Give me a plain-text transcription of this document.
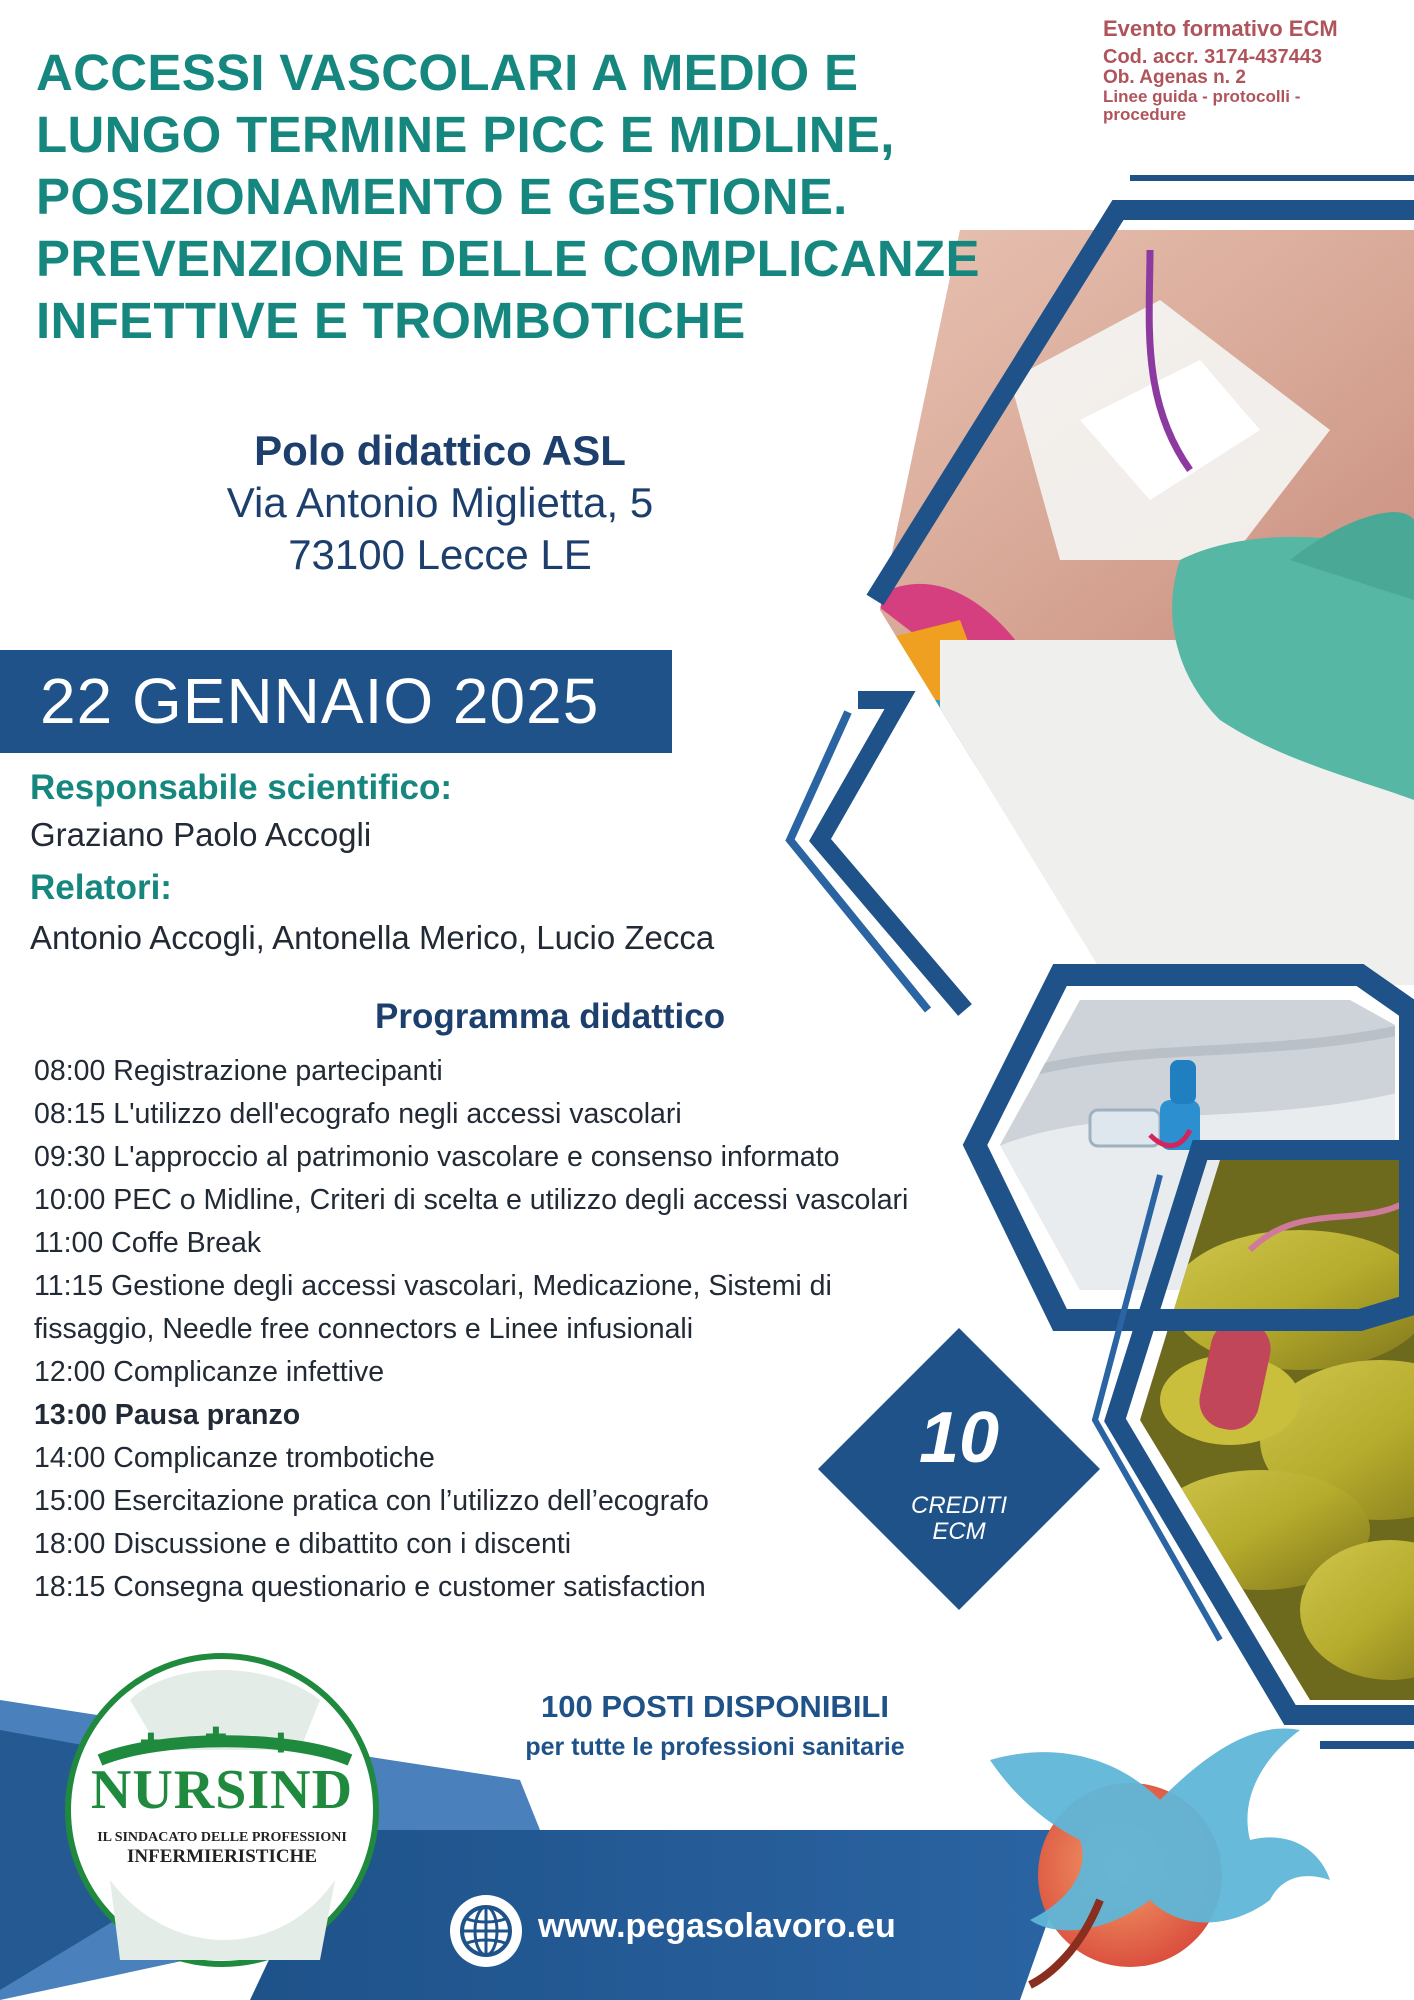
✚ ✚ ✚
ACCESSI VASCOLARI A MEDIO E
LUNGO TERMINE PICC E MIDLINE,
POSIZIONAMENTO E GESTIONE.
PREVENZIONE DELLE COMPLICANZE
INFETTIVE E TROMBOTICHE
Evento formativo ECM
Cod. accr. 3174-437443
Ob. Agenas n. 2
Linee guida - protocolli - procedure
Polo didattico ASL
Via Antonio Miglietta, 5
73100 Lecce LE
22 GENNAIO 2025
Responsabile scientifico:
Graziano Paolo Accogli
Relatori:
Antonio Accogli, Antonella Merico, Lucio Zecca
Programma didattico
08:00 Registrazione partecipanti
08:15 L'utilizzo dell'ecografo negli accessi vascolari
09:30 L'approccio al patrimonio vascolare e consenso informato
10:00 PEC o Midline, Criteri di scelta e utilizzo degli accessi vascolari
11:00 Coffe Break
11:15 Gestione degli accessi vascolari, Medicazione, Sistemi di fissaggio, Needle free connectors e Linee infusionali
12:00 Complicanze infettive
13:00 Pausa pranzo
14:00 Complicanze trombotiche
15:00 Esercitazione pratica con l’utilizzo dell’ecografo
18:00 Discussione e dibattito con i discenti
18:15 Consegna questionario e customer satisfaction
10
CREDITI
ECM
100 POSTI DISPONIBILI
per tutte le professioni sanitarie
NURSIND
IL SINDACATO DELLE PROFESSIONI
INFERMIERISTICHE
www.pegasolavoro.eu
